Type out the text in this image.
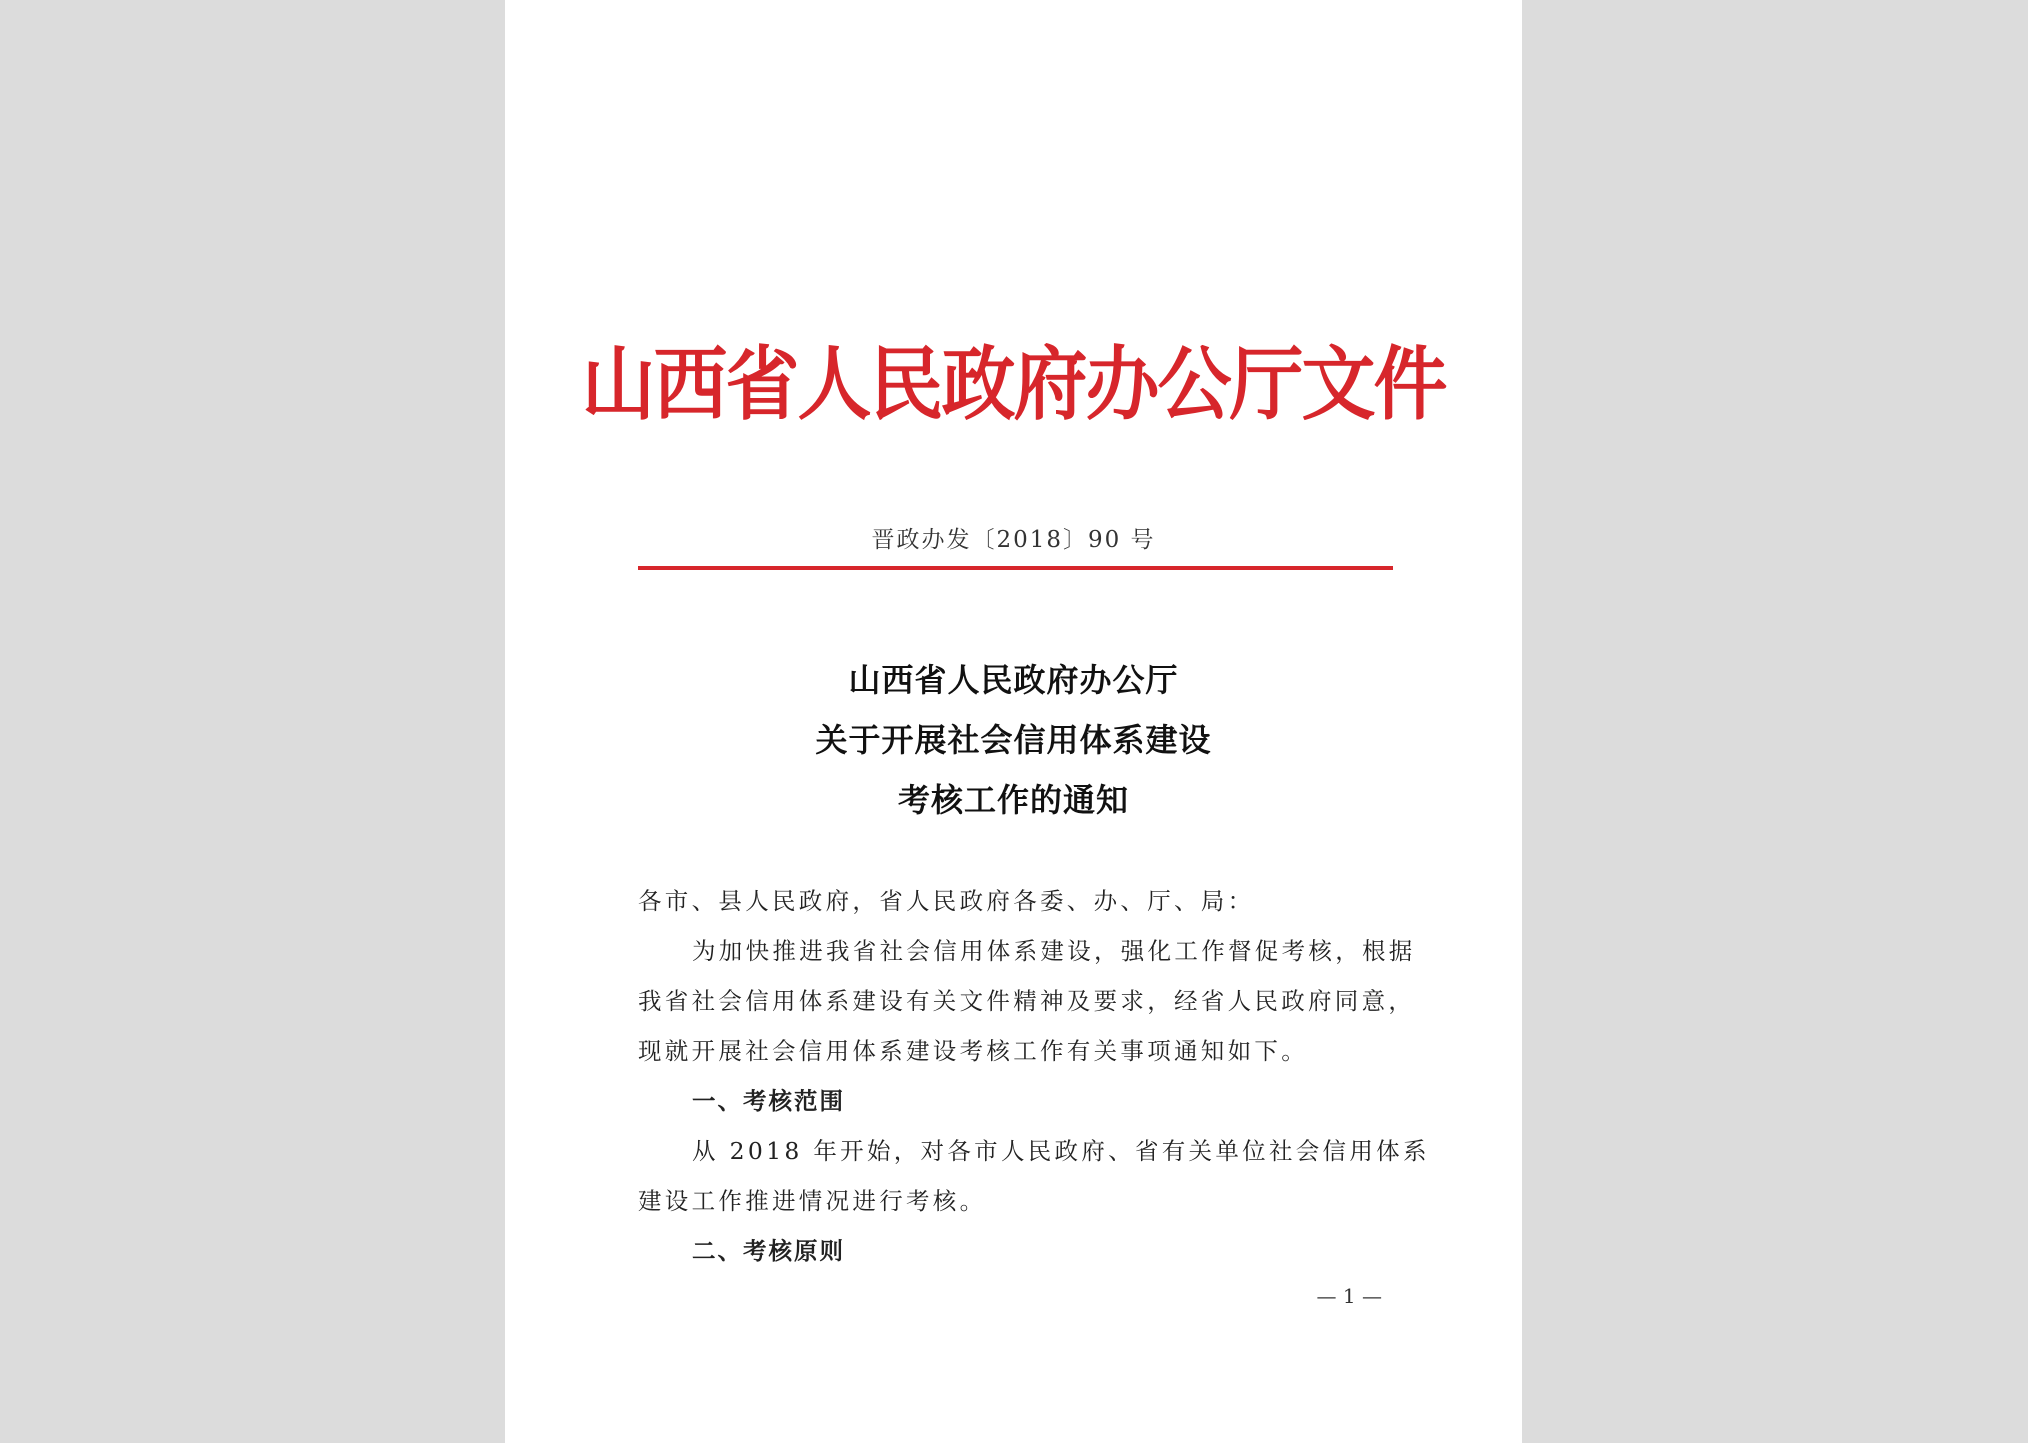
山西省人民政府办公厅文件
晋政办发〔2018〕90 号
山西省人民政府办公厅
关于开展社会信用体系建设
考核工作的通知
各市、县人民政府，省人民政府各委、办、厅、局：
为加快推进我省社会信用体系建设，强化工作督促考核，根据
我省社会信用体系建设有关文件精神及要求，经省人民政府同意，
现就开展社会信用体系建设考核工作有关事项通知如下。
一、考核范围
从 2018 年开始，对各市人民政府、省有关单位社会信用体系
建设工作推进情况进行考核。
二、考核原则
— 1 —
